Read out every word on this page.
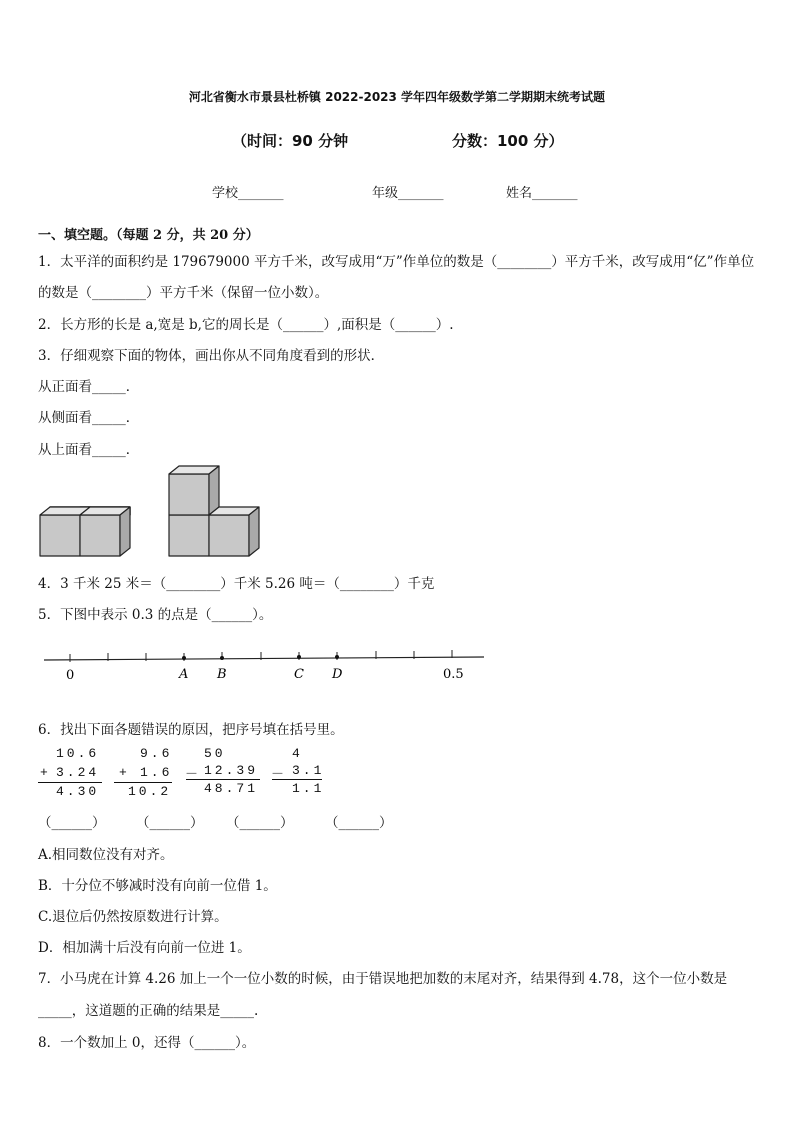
河北省衡水市景县杜桥镇 2022-2023 学年四年级数学第二学期期末统考试题
（时间：90 分钟	分数：100 分）
学校_______	年级_______	姓名_______
一、填空题。（每题 2 分，共 20 分）
1．太平洋的面积约是 179679000 平方千米，改写成用“万”作单位的数是（________）平方千米，改写成用“亿”作单位
的数是（________）平方千米（保留一位小数）。
2．长方形的长是 a,宽是 b,它的周长是（______）,面积是（______）.
3．仔细观察下面的物体，画出你从不同角度看到的形状．
从正面看_____．
从侧面看_____．
从上面看_____．
4．3 千米 25 米＝（________）千米 5.26 吨＝（________）千克
5．下图中表示 0.3 的点是（______）。
0	A B	C D	0.5
6．找出下面各题错误的原因，把序号填在括号里。
10.6
+ 3.24
4.30
9.6
+ 1.6
10.2
50
－ 12.39
48.71
4
－ 3.1
1.1
（______） （______） （______） （______）
A.相同数位没有对齐。
B．十分位不够减时没有向前一位借 1。
C.退位后仍然按原数进行计算。
D．相加满十后没有向前一位进 1。
7．小马虎在计算 4.26 加上一个一位小数的时候，由于错误地把加数的末尾对齐，结果得到 4.78，这个一位小数是
_____，这道题的正确的结果是_____.
8．一个数加上 0，还得（______）。
